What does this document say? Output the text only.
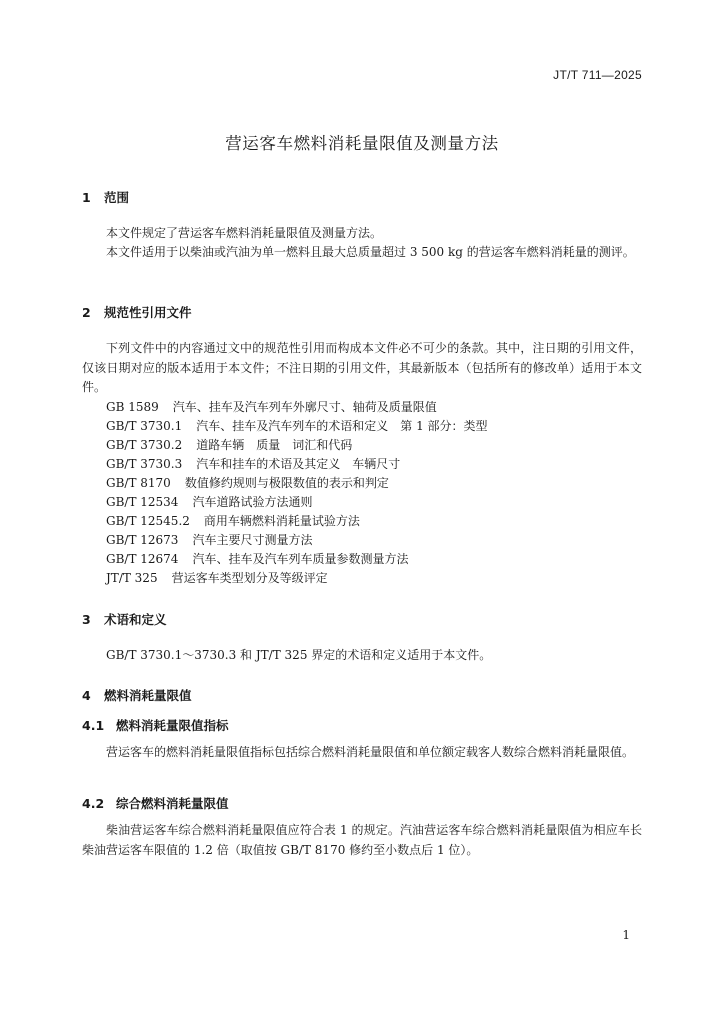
JT/T 711—2025
营运客车燃料消耗量限值及测量方法
1 范围
本文件规定了营运客车燃料消耗量限值及测量方法。
本文件适用于以柴油或汽油为单一燃料且最大总质量超过 3 500 kg 的营运客车燃料消耗量的测评。
2 规范性引用文件
下列文件中的内容通过文中的规范性引用而构成本文件必不可少的条款。其中，注日期的引用文件，仅该日期对应的版本适用于本文件；不注日期的引用文件，其最新版本（包括所有的修改单）适用于本文件。
GB 1589 汽车、挂车及汽车列车外廓尺寸、轴荷及质量限值
GB/T 3730.1 汽车、挂车及汽车列车的术语和定义　第 1 部分：类型
GB/T 3730.2 道路车辆　质量　词汇和代码
GB/T 3730.3 汽车和挂车的术语及其定义　车辆尺寸
GB/T 8170 数值修约规则与极限数值的表示和判定
GB/T 12534 汽车道路试验方法通则
GB/T 12545.2 商用车辆燃料消耗量试验方法
GB/T 12673 汽车主要尺寸测量方法
GB/T 12674 汽车、挂车及汽车列车质量参数测量方法
JT/T 325 营运客车类型划分及等级评定
3 术语和定义
GB/T 3730.1～3730.3 和 JT/T 325 界定的术语和定义适用于本文件。
4 燃料消耗量限值
4.1 燃料消耗量限值指标
营运客车的燃料消耗量限值指标包括综合燃料消耗量限值和单位额定载客人数综合燃料消耗量限值。
4.2 综合燃料消耗量限值
柴油营运客车综合燃料消耗量限值应符合表 1 的规定。汽油营运客车综合燃料消耗量限值为相应车长柴油营运客车限值的 1.2 倍（取值按 GB/T 8170 修约至小数点后 1 位）。
1
